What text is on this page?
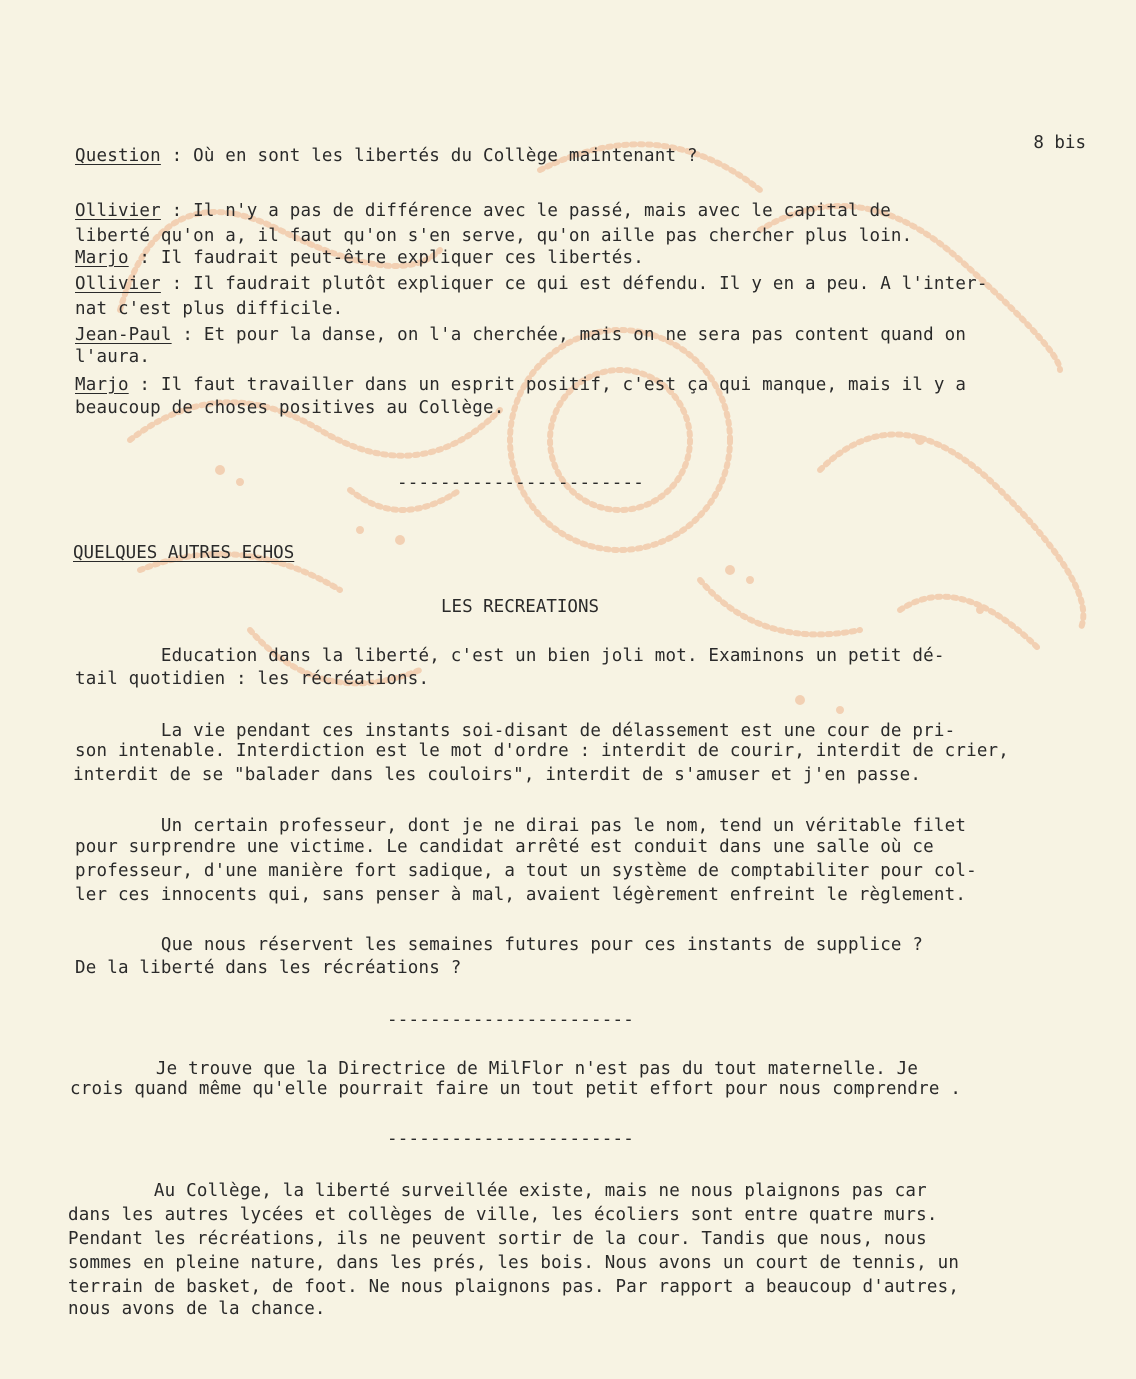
8 bis
Question : Où en sont les libertés du Collège maintenant ?
Ollivier : Il n'y a pas de différence avec le passé, mais avec le capital de
liberté qu'on a, il faut qu'on s'en serve, qu'on aille pas chercher plus loin.
Marjo : Il faudrait peut-être expliquer ces libertés.
Ollivier : Il faudrait plutôt expliquer ce qui est défendu. Il y en a peu. A l'inter-
nat c'est plus difficile.
Jean-Paul : Et pour la danse, on l'a cherchée, mais on ne sera pas content quand on
l'aura.
Marjo : Il faut travailler dans un esprit positif, c'est ça qui manque, mais il y a
beaucoup de choses positives au Collège.
-----------------------
QUELQUES AUTRES ECHOS
LES RECREATIONS
Education dans la liberté, c'est un bien joli mot. Examinons un petit dé-
tail quotidien : les récréations.
La vie pendant ces instants soi-disant de délassement est une cour de pri-
son intenable. Interdiction est le mot d'ordre : interdit de courir, interdit de crier,
interdit de se "balader dans les couloirs", interdit de s'amuser et j'en passe.
Un certain professeur, dont je ne dirai pas le nom, tend un véritable filet
pour surprendre une victime. Le candidat arrêté est conduit dans une salle où ce
professeur, d'une manière fort sadique, a tout un système de comptabiliter pour col-
ler ces innocents qui, sans penser à mal, avaient légèrement enfreint le règlement.
Que nous réservent les semaines futures pour ces instants de supplice ?
De la liberté dans les récréations ?
-----------------------
Je trouve que la Directrice de MilFlor n'est pas du tout maternelle. Je
crois quand même qu'elle pourrait faire un tout petit effort pour nous comprendre .
-----------------------
Au Collège, la liberté surveillée existe, mais ne nous plaignons pas car
dans les autres lycées et collèges de ville, les écoliers sont entre quatre murs.
Pendant les récréations, ils ne peuvent sortir de la cour. Tandis que nous, nous
sommes en pleine nature, dans les prés, les bois. Nous avons un court de tennis, un
terrain de basket, de foot. Ne nous plaignons pas. Par rapport a beaucoup d'autres,
nous avons de la chance.
